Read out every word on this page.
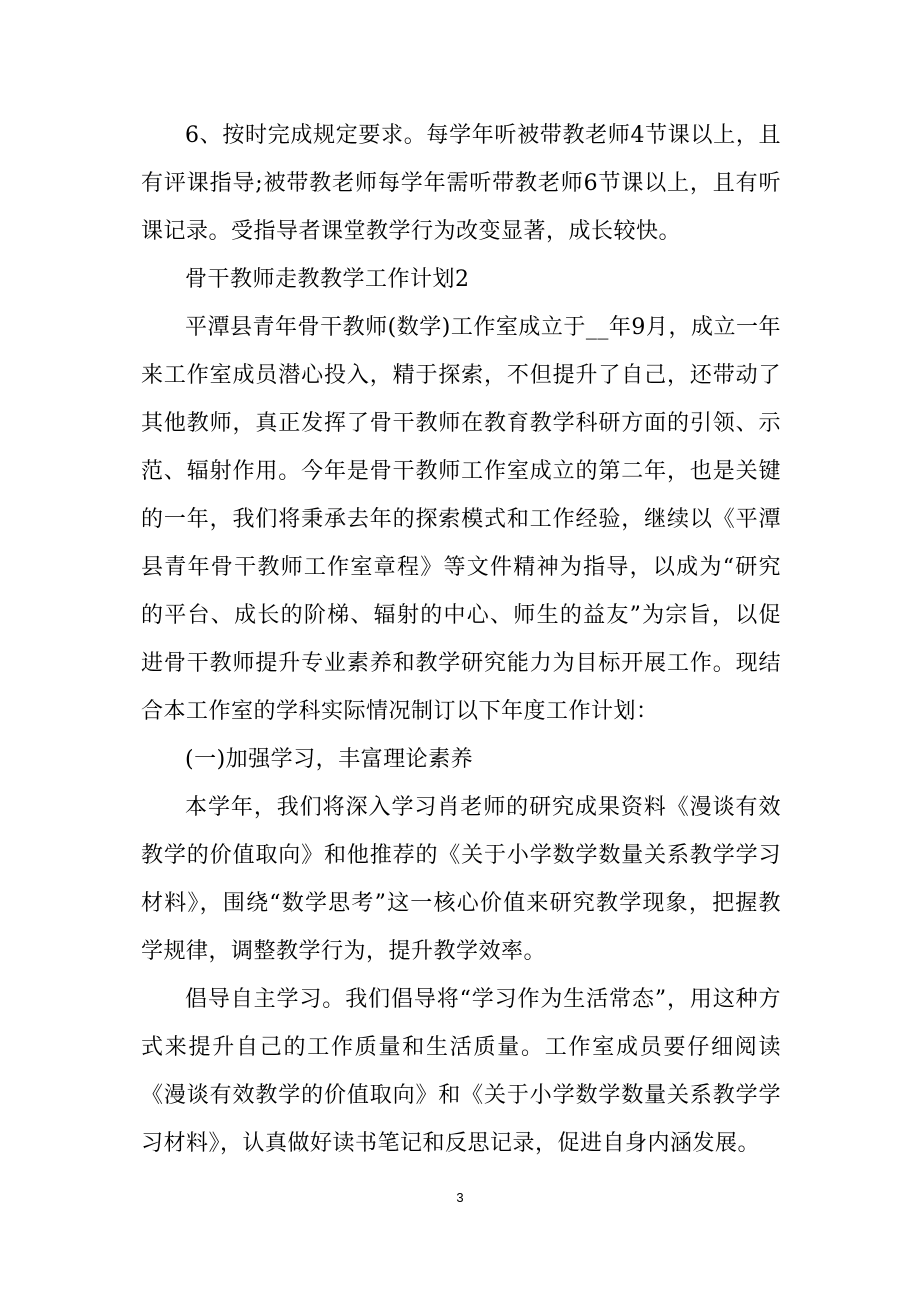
6、按时完成规定要求。每学年听被带教老师4节课以上，且有评课指导;被带教老师每学年需听带教老师6节课以上，且有听课记录。受指导者课堂教学行为改变显著，成长较快。

骨干教师走教教学工作计划2

平潭县青年骨干教师(数学)工作室成立于__年9月，成立一年来工作室成员潜心投入，精于探索，不但提升了自己，还带动了其他教师，真正发挥了骨干教师在教育教学科研方面的引领、示范、辐射作用。今年是骨干教师工作室成立的第二年，也是关键的一年，我们将秉承去年的探索模式和工作经验，继续以《平潭县青年骨干教师工作室章程》等文件精神为指导，以成为“研究的平台、成长的阶梯、辐射的中心、师生的益友”为宗旨，以促进骨干教师提升专业素养和教学研究能力为目标开展工作。现结合本工作室的学科实际情况制订以下年度工作计划：

(一)加强学习，丰富理论素养

本学年，我们将深入学习肖老师的研究成果资料《漫谈有效教学的价值取向》和他推荐的《关于小学数学数量关系教学学习材料》，围绕“数学思考”这一核心价值来研究教学现象，把握教学规律，调整教学行为，提升教学效率。

倡导自主学习。我们倡导将“学习作为生活常态”，用这种方式来提升自己的工作质量和生活质量。工作室成员要仔细阅读《漫谈有效教学的价值取向》和《关于小学数学数量关系教学学习材料》，认真做好读书笔记和反思记录，促进自身内涵发展。

3
